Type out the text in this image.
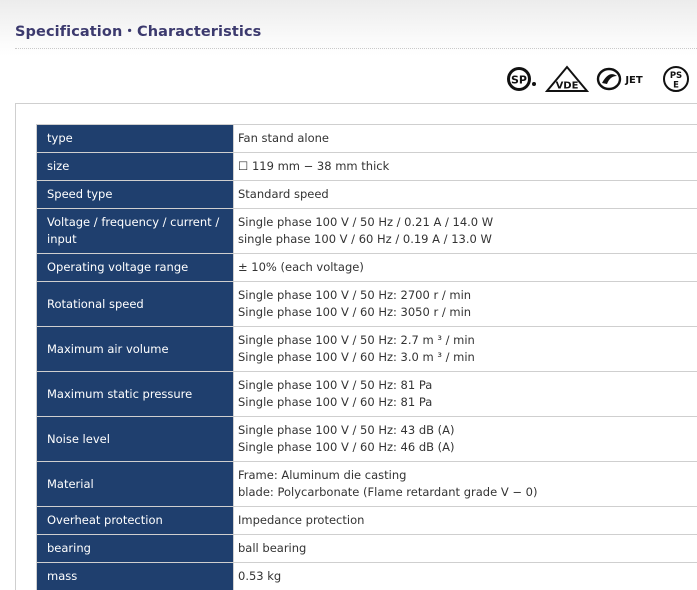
Specification・Characteristics
SP	VDE	JET	PS
E
type	Fan stand alone

size	☐ 119 mm − 38 mm thick

Speed type	Standard speed

Voltage / frequency / current / input	Single phase 100 V / 50 Hz / 0.21 A / 14.0 W
single phase 100 V / 60 Hz / 0.19 A / 13.0 W

Operating voltage range	± 10% (each voltage)

Rotational speed	Single phase 100 V / 50 Hz: 2700 r / min
Single phase 100 V / 60 Hz: 3050 r / min

Maximum air volume	Single phase 100 V / 50 Hz: 2.7 m ³ / min
Single phase 100 V / 60 Hz: 3.0 m ³ / min

Maximum static pressure	Single phase 100 V / 50 Hz: 81 Pa
Single phase 100 V / 60 Hz: 81 Pa

Noise level	Single phase 100 V / 50 Hz: 43 dB (A)
Single phase 100 V / 60 Hz: 46 dB (A)

Material	Frame: Aluminum die casting
blade: Polycarbonate (Flame retardant grade V − 0)

Overheat protection	Impedance protection

bearing	ball bearing

mass	0.53 kg
